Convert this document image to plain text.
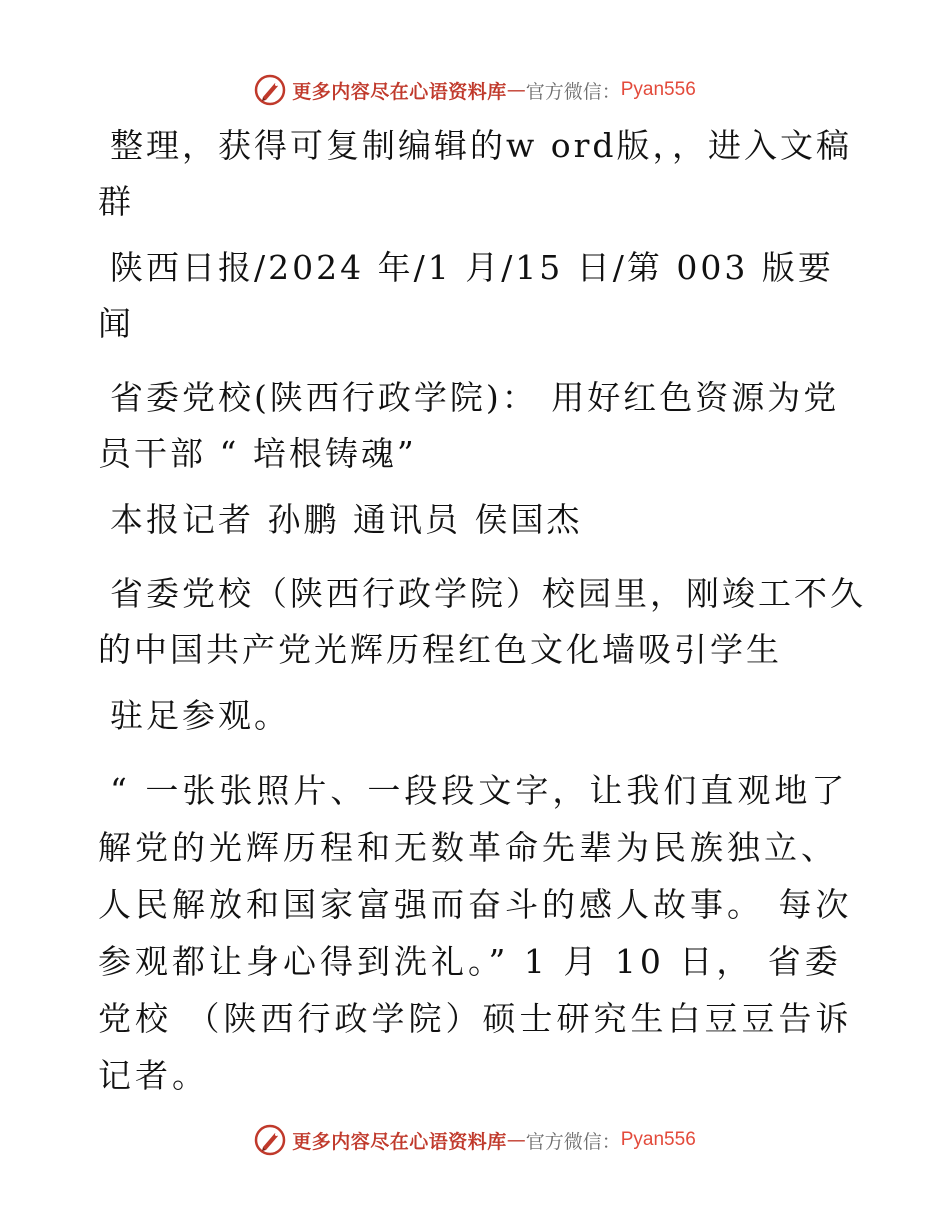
更多内容尽在心语资料库 — 官方微信： Pyan556

整理，获得可复制编辑的w ord版，，进入文稿群

陕西日报/2024 年/1 月/15 日/第 003 版要闻

省委党校(陕西行政学院)： 用好红色资源为党员干部 “ 培根铸魂”

本报记者 孙鹏 通讯员 侯国杰

省委党校（陕西行政学院）校园里，刚竣工不久的中国共产党光辉历程红色文化墙吸引学生

驻足参观。

“ 一张张照片、一段段文字，让我们直观地了解党的光辉历程和无数革命先辈为民族独立、人民解放和国家富强而奋斗的感人故事。 每次参观都让身心得到洗礼。” 1 月 10 日， 省委党校 （陕西行政学院）硕士研究生白豆豆告诉记者。

更多内容尽在心语资料库 — 官方微信： Pyan556
